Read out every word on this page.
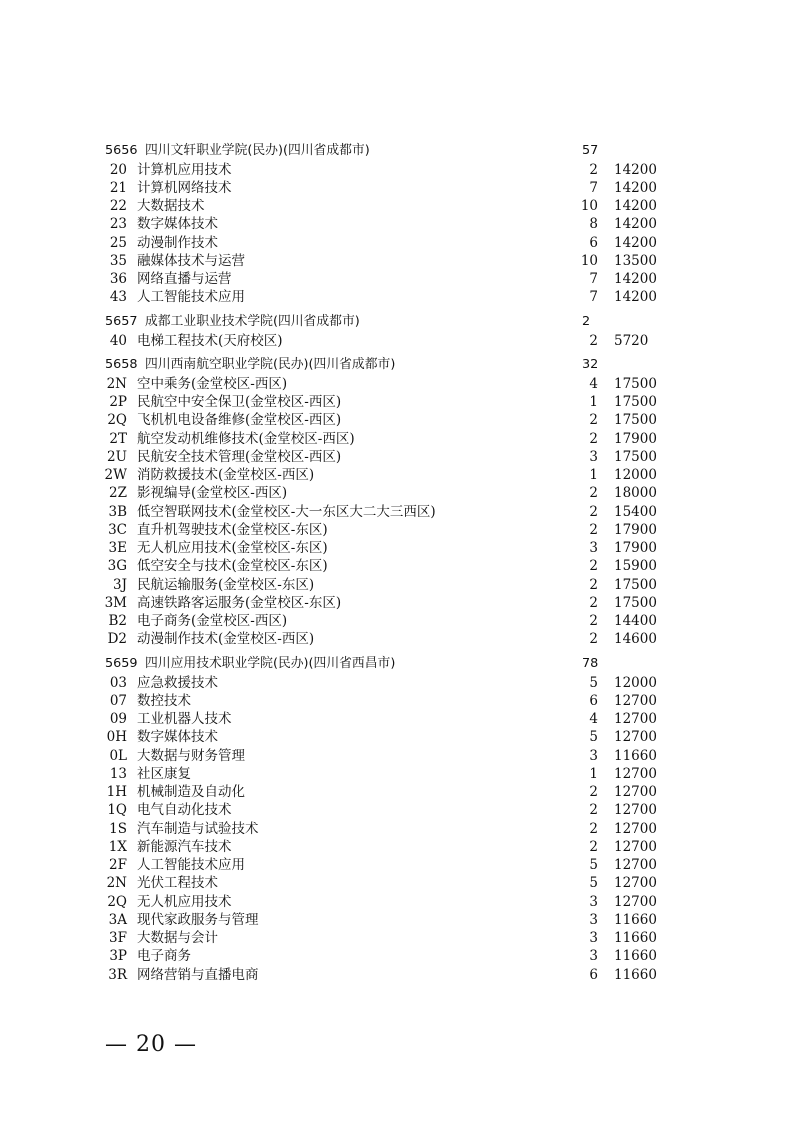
5656 四川文轩职业学院(民办)(四川省成都市)	57
20 计算机应用技术	2 14200
21 计算机网络技术	7 14200
22 大数据技术	10 14200
23 数字媒体技术	8 14200
25 动漫制作技术	6 14200
35 融媒体技术与运营	10 13500
36 网络直播与运营	7 14200
43 人工智能技术应用	7 14200
5657 成都工业职业技术学院(四川省成都市)	2
40 电梯工程技术(天府校区)	2 5720
5658 四川西南航空职业学院(民办)(四川省成都市)	32
2N 空中乘务(金堂校区-西区)	4 17500
2P 民航空中安全保卫(金堂校区-西区)	1 17500
2Q 飞机机电设备维修(金堂校区-西区)	2 17500
2T 航空发动机维修技术(金堂校区-西区)	2 17900
2U 民航安全技术管理(金堂校区-西区)	3 17500
2W 消防救援技术(金堂校区-西区)	1 12000
2Z 影视编导(金堂校区-西区)	2 18000
3B 低空智联网技术(金堂校区-大一东区大二大三西区)	2 15400
3C 直升机驾驶技术(金堂校区-东区)	2 17900
3E 无人机应用技术(金堂校区-东区)	3 17900
3G 低空安全与技术(金堂校区-东区)	2 15900
3J 民航运输服务(金堂校区-东区)	2 17500
3M 高速铁路客运服务(金堂校区-东区)	2 17500
B2 电子商务(金堂校区-西区)	2 14400
D2 动漫制作技术(金堂校区-西区)	2 14600
5659 四川应用技术职业学院(民办)(四川省西昌市)	78
03 应急救援技术	5 12000
07 数控技术	6 12700
09 工业机器人技术	4 12700
0H 数字媒体技术	5 12700
0L 大数据与财务管理	3 11660
13 社区康复	1 12700
1H 机械制造及自动化	2 12700
1Q 电气自动化技术	2 12700
1S 汽车制造与试验技术	2 12700
1X 新能源汽车技术	2 12700
2F 人工智能技术应用	5 12700
2N 光伏工程技术	5 12700
2Q 无人机应用技术	3 12700
3A 现代家政服务与管理	3 11660
3F 大数据与会计	3 11660
3P 电子商务	3 11660
3R 网络营销与直播电商	6 11660
— 20 —
